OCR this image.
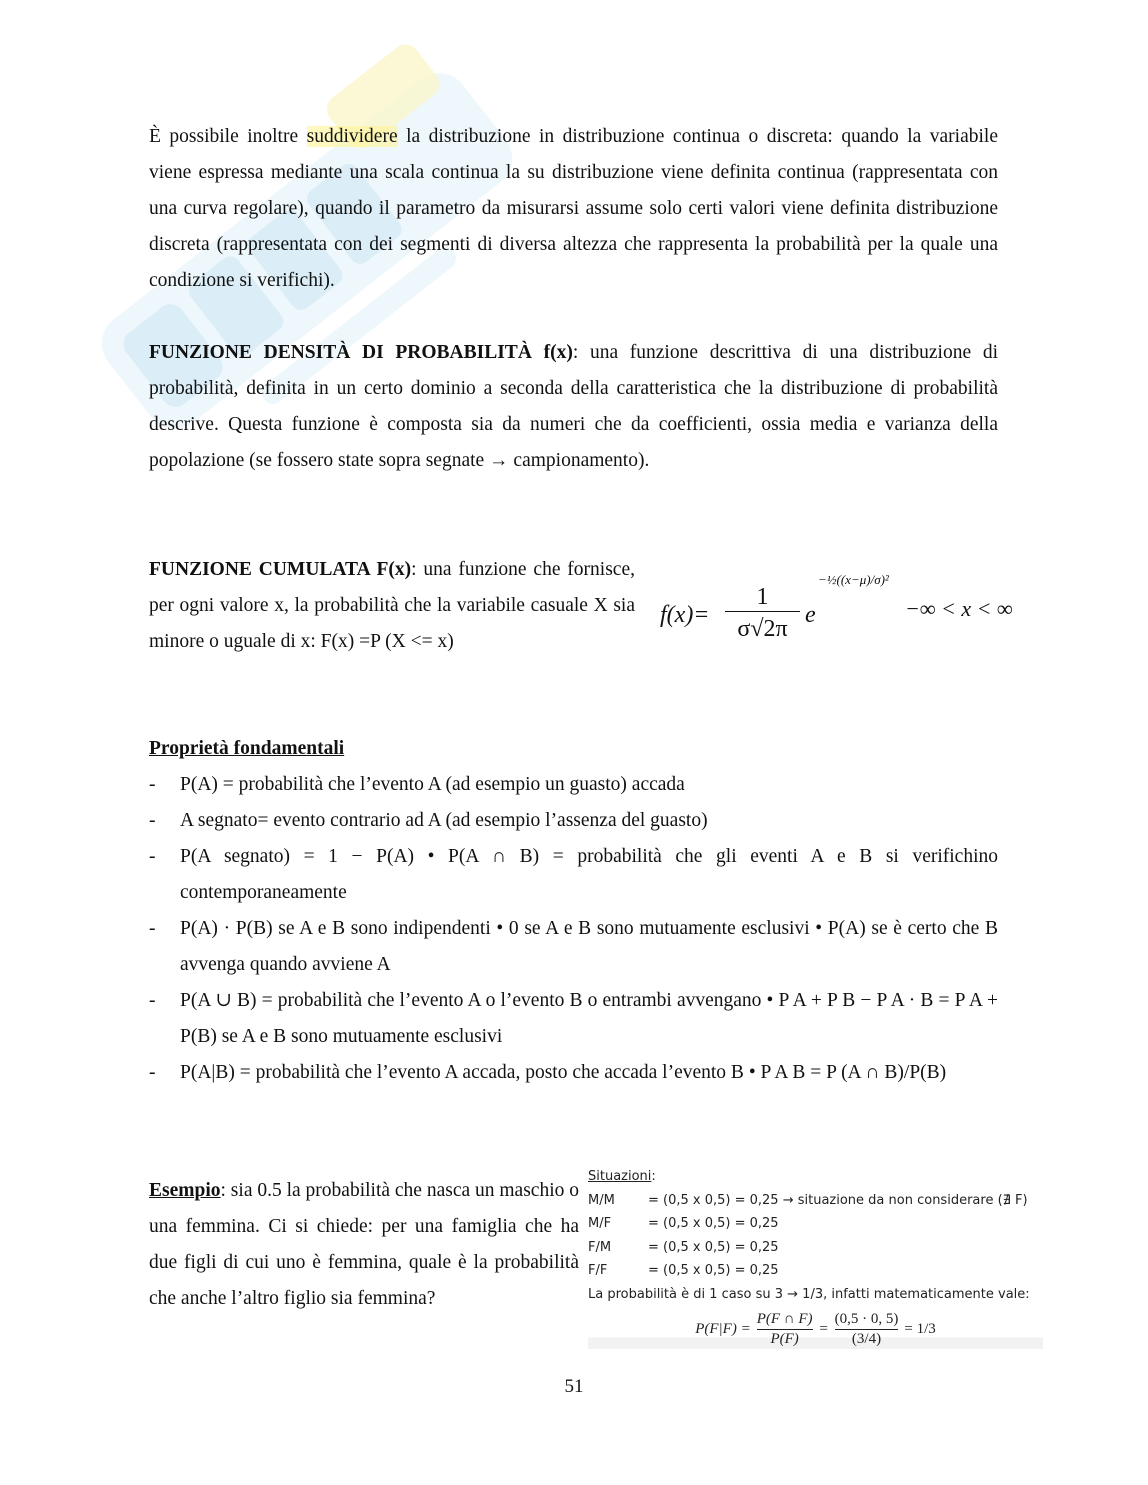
È possibile inoltre suddividere la distribuzione in distribuzione continua o discreta: quando la variabile viene espressa mediante una scala continua la su distribuzione viene definita continua (rappresentata con una curva regolare), quando il parametro da misurarsi assume solo certi valori viene definita distribuzione discreta (rappresentata con dei segmenti di diversa altezza che rappresenta la probabilità per la quale una condizione si verifichi).

FUNZIONE DENSITÀ DI PROBABILITÀ f(x): una funzione descrittiva di una distribuzione di probabilità, definita in un certo dominio a seconda della caratteristica che la distribuzione di probabilità descrive. Questa funzione è composta sia da numeri che da coefficienti, ossia media e varianza della popolazione (se fossero state sopra segnate → campionamento).

FUNZIONE CUMULATA F(x): una funzione che fornisce, per ogni valore x, la probabilità che la variabile casuale X sia minore o uguale di x: F(x) =P (X <= x)

f(x)=
1
σ√2π
e
−½((x−μ)/σ)²
−∞ < x < ∞

Proprietà fondamentali

- P(A) = probabilità che l’evento A (ad esempio un guasto) accada
- A segnato= evento contrario ad A (ad esempio l’assenza del guasto)
- P(A segnato) = 1 − P(A) • P(A ∩ B) = probabilità che gli eventi A e B si verifichino contemporaneamente
- P(A) · P(B) se A e B sono indipendenti • 0 se A e B sono mutuamente esclusivi • P(A) se è certo che B avvenga quando avviene A
- P(A ∪ B) = probabilità che l’evento A o l’evento B o entrambi avvengano • P A + P B − P A · B = P A + P(B) se A e B sono mutuamente esclusivi
- P(A|B) = probabilità che l’evento A accada, posto che accada l’evento B • P A B = P (A ∩ B)/P(B)

Esempio: sia 0.5 la probabilità che nasca un maschio o una femmina. Ci si chiede: per una famiglia che ha due figli di cui uno è femmina, quale è la probabilità che anche l’altro figlio sia femmina?

Situazioni:
M/M	= (0,5 x 0,5) = 0,25 → situazione da non considerare (∄ F)
M/F	= (0,5 x 0,5) = 0,25
F/M	= (0,5 x 0,5) = 0,25
F/F	= (0,5 x 0,5) = 0,25
La probabilità è di 1 caso su 3 → 1/3, infatti matematicamente vale:
$P(F|F) = \frac{P(F \cap F)}{P(F)} = \frac{(0,5 \cdot 0, 5)}{(3/4)} = 1/3$
51
